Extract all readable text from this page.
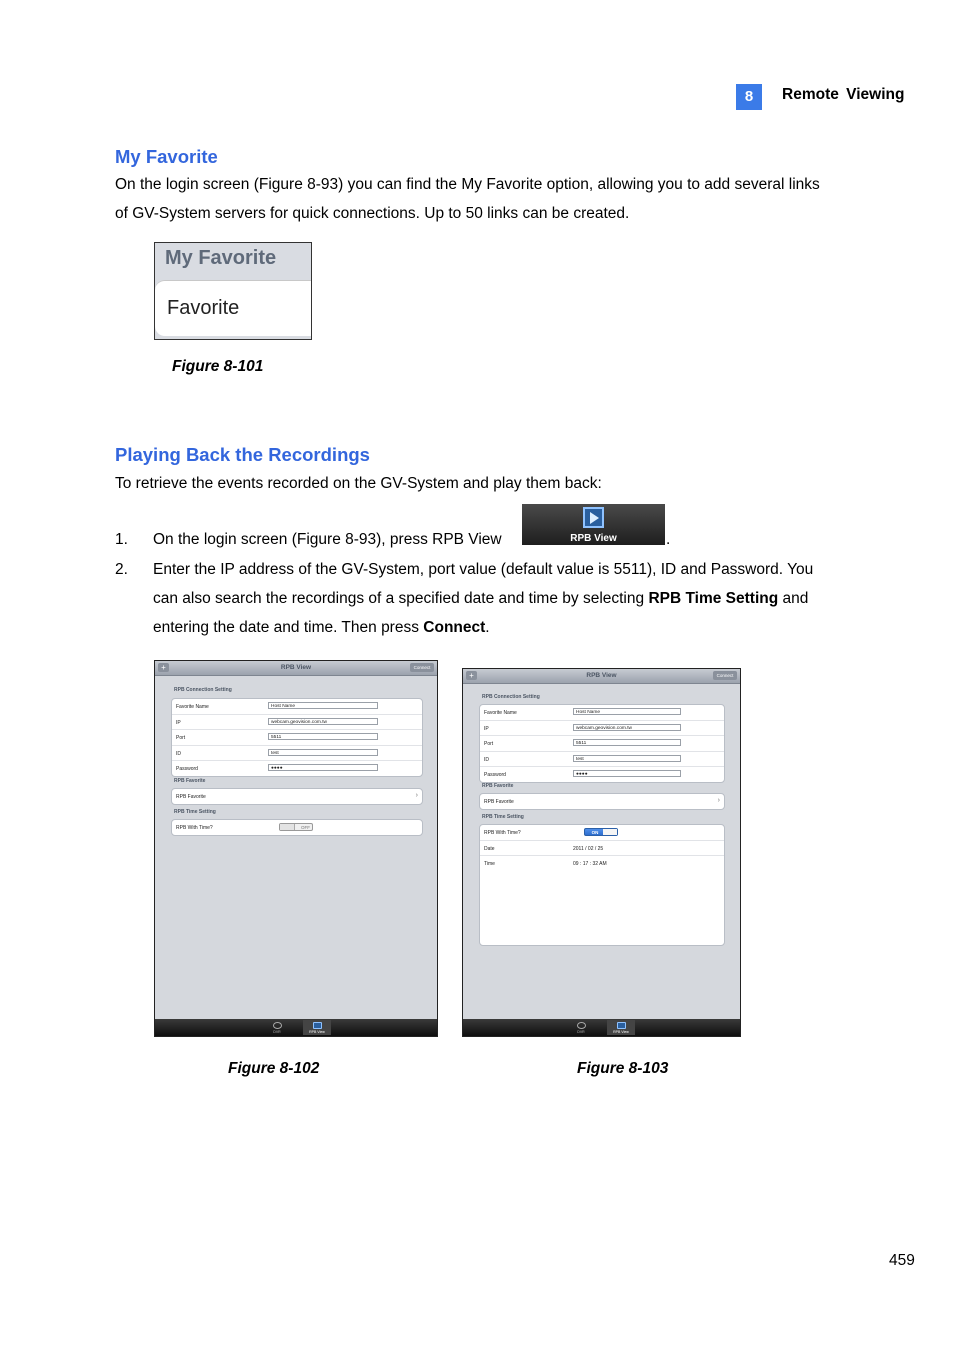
8	Remote Viewing
My Favorite
On the login screen (Figure 8-93) you can find the My Favorite option, allowing you to add several links
of GV-System servers for quick connections. Up to 50 links can be created.
My Favorite
Favorite
Figure 8-101
Playing Back the Recordings
To retrieve the events recorded on the GV-System and play them back:
1. On the login screen (Figure 8-93), press RPB View	RPB View	.
2. Enter the IP address of the GV-System, port value (default value is 5511), ID and Password. You
can also search the recordings of a specified date and time by selecting RPB Time Setting and
entering the date and time. Then press Connect.
+	RPB View	Connect
RPB Connection Setting
Favorite Name	Host Name
IP	webcam.geovision.com.tw
Port	5511
ID	test
Password	●●●●
RPB Favorite
RPB Favorite	›
RPB Time Setting
RPB With Time?	OFF
DVR	RPB View
+	RPB View	Connect
RPB Connection Setting
Favorite Name	Host Name
IP	webcam.geovision.com.tw
Port	5511
ID	test
Password	●●●●
RPB Favorite
RPB Favorite	›
RPB Time Setting
RPB With Time?	ON
Date	2011 / 02 / 25
Time	09 : 17 : 32 AM
DVR	RPB View
Figure 8-102	Figure 8-103
459
